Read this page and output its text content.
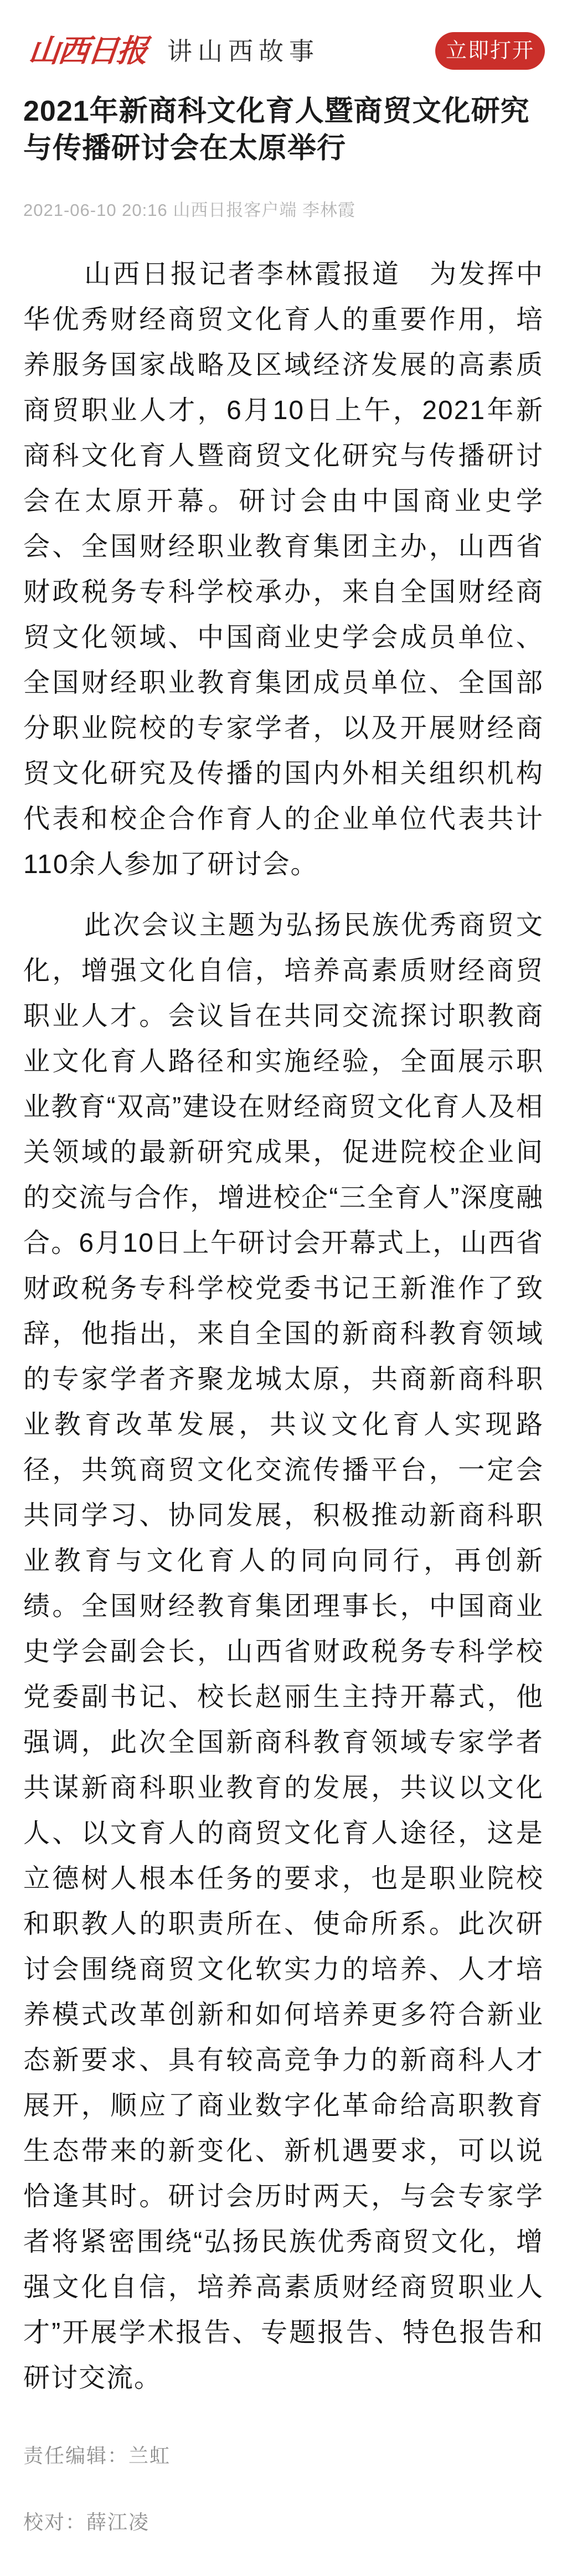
山西日报 讲山西故事	立即打开
2021年新商科文化育人暨商贸文化研究与传播研讨会在太原举行
2021-06-10 20:16 山西日报客户端 李林霞

山西日报记者李林霞报道　为发挥中华优秀财经商贸文化育人的重要作用，培养服务国家战略及区域经济发展的高素质商贸职业人才，6月10日上午，2021年新商科文化育人暨商贸文化研究与传播研讨会在太原开幕。研讨会由中国商业史学会、全国财经职业教育集团主办，山西省财政税务专科学校承办，来自全国财经商贸文化领域、中国商业史学会成员单位、全国财经职业教育集团成员单位、全国部分职业院校的专家学者，以及开展财经商贸文化研究及传播的国内外相关组织机构代表和校企合作育人的企业单位代表共计110余人参加了研讨会。

此次会议主题为弘扬民族优秀商贸文化，增强文化自信，培养高素质财经商贸职业人才。会议旨在共同交流探讨职教商业文化育人路径和实施经验，全面展示职业教育“双高”建设在财经商贸文化育人及相关领域的最新研究成果，促进院校企业间的交流与合作，增进校企“三全育人”深度融合。6月10日上午研讨会开幕式上，山西省财政税务专科学校党委书记王新淮作了致辞，他指出，来自全国的新商科教育领域的专家学者齐聚龙城太原，共商新商科职业教育改革发展，共议文化育人实现路径，共筑商贸文化交流传播平台，一定会共同学习、协同发展，积极推动新商科职业教育与文化育人的同向同行，再创新绩。全国财经教育集团理事长，中国商业史学会副会长，山西省财政税务专科学校党委副书记、校长赵丽生主持开幕式，他强调，此次全国新商科教育领域专家学者共谋新商科职业教育的发展，共议以文化人、以文育人的商贸文化育人途径，这是立德树人根本任务的要求，也是职业院校和职教人的职责所在、使命所系。此次研讨会围绕商贸文化软实力的培养、人才培养模式改革创新和如何培养更多符合新业态新要求、具有较高竞争力的新商科人才展开，顺应了商业数字化革命给高职教育生态带来的新变化、新机遇要求，可以说恰逢其时。研讨会历时两天，与会专家学者将紧密围绕“弘扬民族优秀商贸文化，增强文化自信，培养高素质财经商贸职业人才”开展学术报告、专题报告、特色报告和研讨交流。

责任编辑：兰虹
校对：薛江凌
